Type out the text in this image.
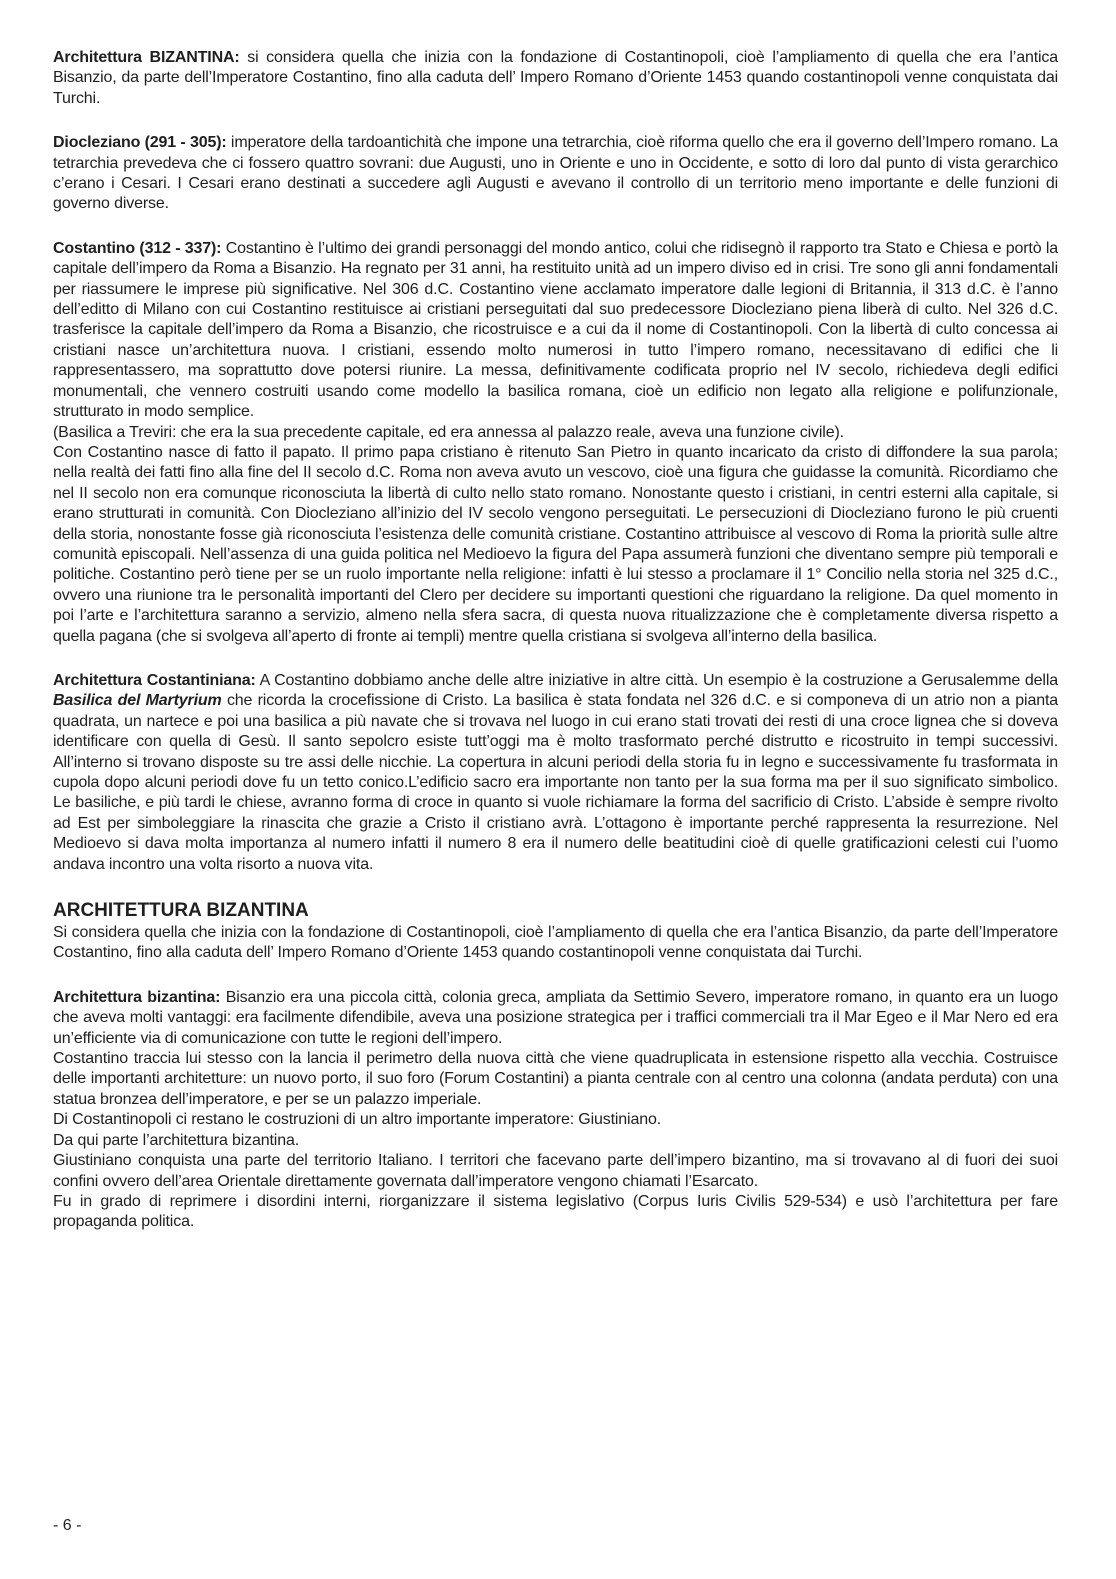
Architettura BIZANTINA: si considera quella che inizia con la fondazione di Costantinopoli, cioè l’ampliamento di quella che era l’antica Bisanzio, da parte dell’Imperatore Costantino, fino alla caduta dell’ Impero Romano d’Oriente 1453 quando costantinopoli venne conquistata dai Turchi.

Diocleziano (291 - 305): imperatore della tardoantichità che impone una tetrarchia, cioè riforma quello che era il governo dell’Impero romano. La tetrarchia prevedeva che ci fossero quattro sovrani: due Augusti, uno in Oriente e uno in Occidente, e sotto di loro dal punto di vista gerarchico c’erano i Cesari. I Cesari erano destinati a succedere agli Augusti e avevano il controllo di un territorio meno importante e delle funzioni di governo diverse.

Costantino (312 - 337): Costantino è l’ultimo dei grandi personaggi del mondo antico, colui che ridisegnò il rapporto tra Stato e Chiesa e portò la capitale dell’impero da Roma a Bisanzio. Ha regnato per 31 anni, ha restituito unità ad un impero diviso ed in crisi. Tre sono gli anni fondamentali per riassumere le imprese più significative. Nel 306 d.C. Costantino viene acclamato imperatore dalle legioni di Britannia, il 313 d.C. è l’anno dell’editto di Milano con cui Costantino restituisce ai cristiani perseguitati dal suo predecessore Diocleziano piena liberà di culto. Nel 326 d.C. trasferisce la capitale dell’impero da Roma a Bisanzio, che ricostruisce e a cui da il nome di Costantinopoli. Con la libertà di culto concessa ai cristiani nasce un’architettura nuova. I cristiani, essendo molto numerosi in tutto l’impero romano, necessitavano di edifici che li rappresentassero, ma soprattutto dove potersi riunire. La messa, definitivamente codificata proprio nel IV secolo, richiedeva degli edifici monumentali, che vennero costruiti usando come modello la basilica romana, cioè un edificio non legato alla religione e polifunzionale, strutturato in modo semplice.

(Basilica a Treviri: che era la sua precedente capitale, ed era annessa al palazzo reale, aveva una funzione civile).

Con Costantino nasce di fatto il papato. Il primo papa cristiano è ritenuto San Pietro in quanto incaricato da cristo di diffondere la sua parola; nella realtà dei fatti fino alla fine del II secolo d.C. Roma non aveva avuto un vescovo, cioè una figura che guidasse la comunità. Ricordiamo che nel II secolo non era comunque riconosciuta la libertà di culto nello stato romano. Nonostante questo i cristiani, in centri esterni alla capitale, si erano strutturati in comunità. Con Diocleziano all’inizio del IV secolo vengono perseguitati. Le persecuzioni di Diocleziano furono le più cruenti della storia, nonostante fosse già riconosciuta l’esistenza delle comunità cristiane. Costantino attribuisce al vescovo di Roma la priorità sulle altre comunità episcopali. Nell’assenza di una guida politica nel Medioevo la figura del Papa assumerà funzioni che diventano sempre più temporali e politiche. Costantino però tiene per se un ruolo importante nella religione: infatti è lui stesso a proclamare il 1° Concilio nella storia nel 325 d.C., ovvero una riunione tra le personalità importanti del Clero per decidere su importanti questioni che riguardano la religione. Da quel momento in poi l’arte e l’architettura saranno a servizio, almeno nella sfera sacra, di questa nuova ritualizzazione che è completamente diversa rispetto a quella pagana (che si svolgeva all’aperto di fronte ai templi) mentre quella cristiana si svolgeva all’interno della basilica.

Architettura Costantiniana: A Costantino dobbiamo anche delle altre iniziative in altre città. Un esempio è la costruzione a Gerusalemme della Basilica del Martyrium che ricorda la crocefissione di Cristo. La basilica è stata fondata nel 326 d.C. e si componeva di un atrio non a pianta quadrata, un nartece e poi una basilica a più navate che si trovava nel luogo in cui erano stati trovati dei resti di una croce lignea che si doveva identificare con quella di Gesù. Il santo sepolcro esiste tutt’oggi ma è molto trasformato perché distrutto e ricostruito in tempi successivi. All’interno si trovano disposte su tre assi delle nicchie. La copertura in alcuni periodi della storia fu in legno e successivamente fu trasformata in cupola dopo alcuni periodi dove fu un tetto conico.L’edificio sacro era importante non tanto per la sua forma ma per il suo significato simbolico. Le basiliche, e più tardi le chiese, avranno forma di croce in quanto si vuole richiamare la forma del sacrificio di Cristo. L’abside è sempre rivolto ad Est per simboleggiare la rinascita che grazie a Cristo il cristiano avrà. L’ottagono è importante perché rappresenta la resurrezione. Nel Medioevo si dava molta importanza al numero infatti il numero 8 era il numero delle beatitudini cioè di quelle gratificazioni celesti cui l’uomo andava incontro una volta risorto a nuova vita.

ARCHITETTURA BIZANTINA

Si considera quella che inizia con la fondazione di Costantinopoli, cioè l’ampliamento di quella che era l’antica Bisanzio, da parte dell’Imperatore Costantino, fino alla caduta dell’ Impero Romano d’Oriente 1453 quando costantinopoli venne conquistata dai Turchi.

Architettura bizantina: Bisanzio era una piccola città, colonia greca, ampliata da Settimio Severo, imperatore romano, in quanto era un luogo che aveva molti vantaggi: era facilmente difendibile, aveva una posizione strategica per i traffici commerciali tra il Mar Egeo e il Mar Nero ed era un’efficiente via di comunicazione con tutte le regioni dell’impero.

Costantino traccia lui stesso con la lancia il perimetro della nuova città che viene quadruplicata in estensione rispetto alla vecchia. Costruisce delle importanti architetture: un nuovo porto, il suo foro (Forum Costantini) a pianta centrale con al centro una colonna (andata perduta) con una statua bronzea dell’imperatore, e per se un palazzo imperiale.

Di Costantinopoli ci restano le costruzioni di un altro importante imperatore: Giustiniano.

Da qui parte l’architettura bizantina.

Giustiniano conquista una parte del territorio Italiano. I territori che facevano parte dell’impero bizantino, ma si trovavano al di fuori dei suoi confini ovvero dell’area Orientale direttamente governata dall’imperatore vengono chiamati l’Esarcato.

Fu in grado di reprimere i disordini interni, riorganizzare il sistema legislativo (Corpus Iuris Civilis 529-534) e usò l’architettura per fare propaganda politica.

- 6 -
